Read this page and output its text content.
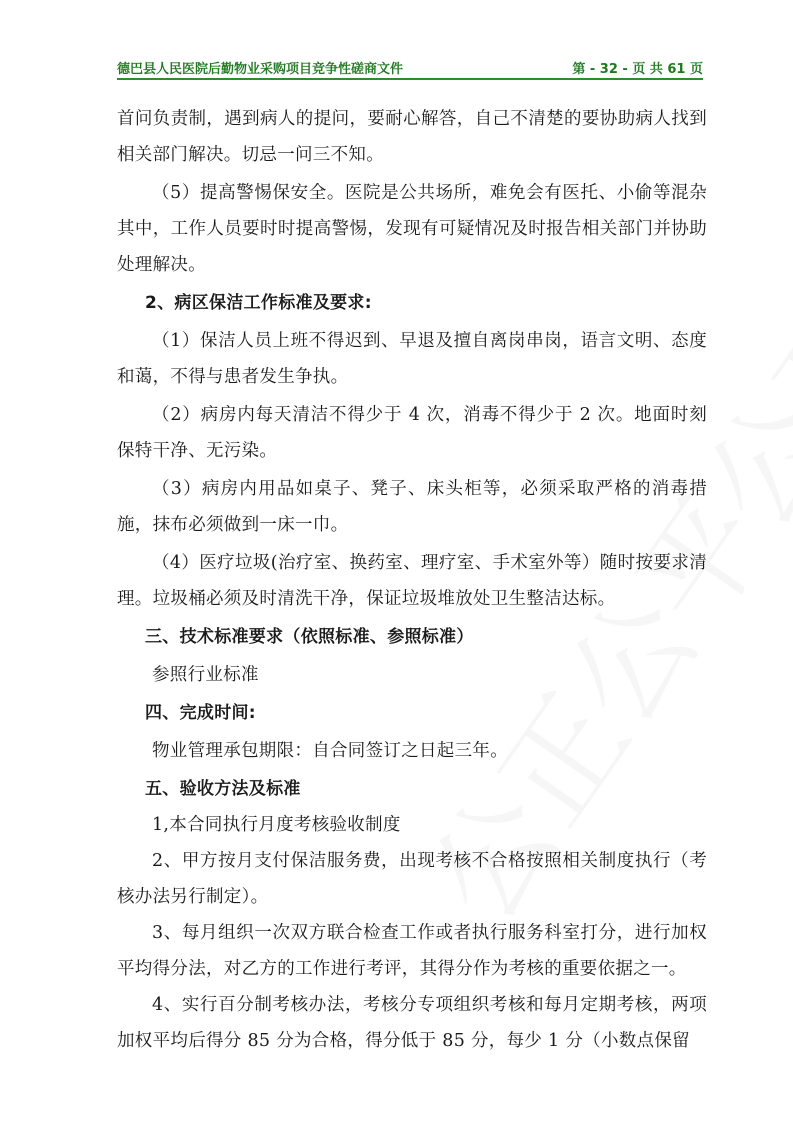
德巴县人民医院后勤物业采购项目竞争性磋商文件	第 - 32 - 页 共 61 页

首问负责制，遇到病人的提问，要耐心解答，自己不清楚的要协助病人找到相关部门解决。切忌一问三不知。

（5）提高警惕保安全。医院是公共场所，难免会有医托、小偷等混杂其中，工作人员要时时提高警惕，发现有可疑情况及时报告相关部门并协助处理解决。

2、病区保洁工作标准及要求:

（1）保洁人员上班不得迟到、早退及擅自离岗串岗，语言文明、态度和蔼，不得与患者发生争执。

（2）病房内每天清洁不得少于 4 次，消毒不得少于 2 次。地面时刻保特干净、无污染。

（3）病房内用品如桌子、凳子、床头柜等，必须采取严格的消毒措施，抹布必须做到一床一巾。

（4）医疗垃圾(治疗室、换药室、理疗室、手术室外等）随时按要求清理。垃圾桶必须及时清洗干净，保证垃圾堆放处卫生整洁达标。

三、技术标准要求（依照标准、参照标准）

参照行业标准

四、完成时间:

物业管理承包期限：自合同签订之日起三年。

五、验收方法及标准

1,本合同执行月度考核验收制度

2、甲方按月支付保洁服务费，出现考核不合格按照相关制度执行（考核办法另行制定）。

3、每月组织一次双方联合检查工作或者执行服务科室打分，进行加权平均得分法，对乙方的工作进行考评，其得分作为考核的重要依据之一。

4、实行百分制考核办法，考核分专项组织考核和每月定期考核，两项加权平均后得分 85 分为合格，得分低于 85 分，每少 1 分（小数点保留
